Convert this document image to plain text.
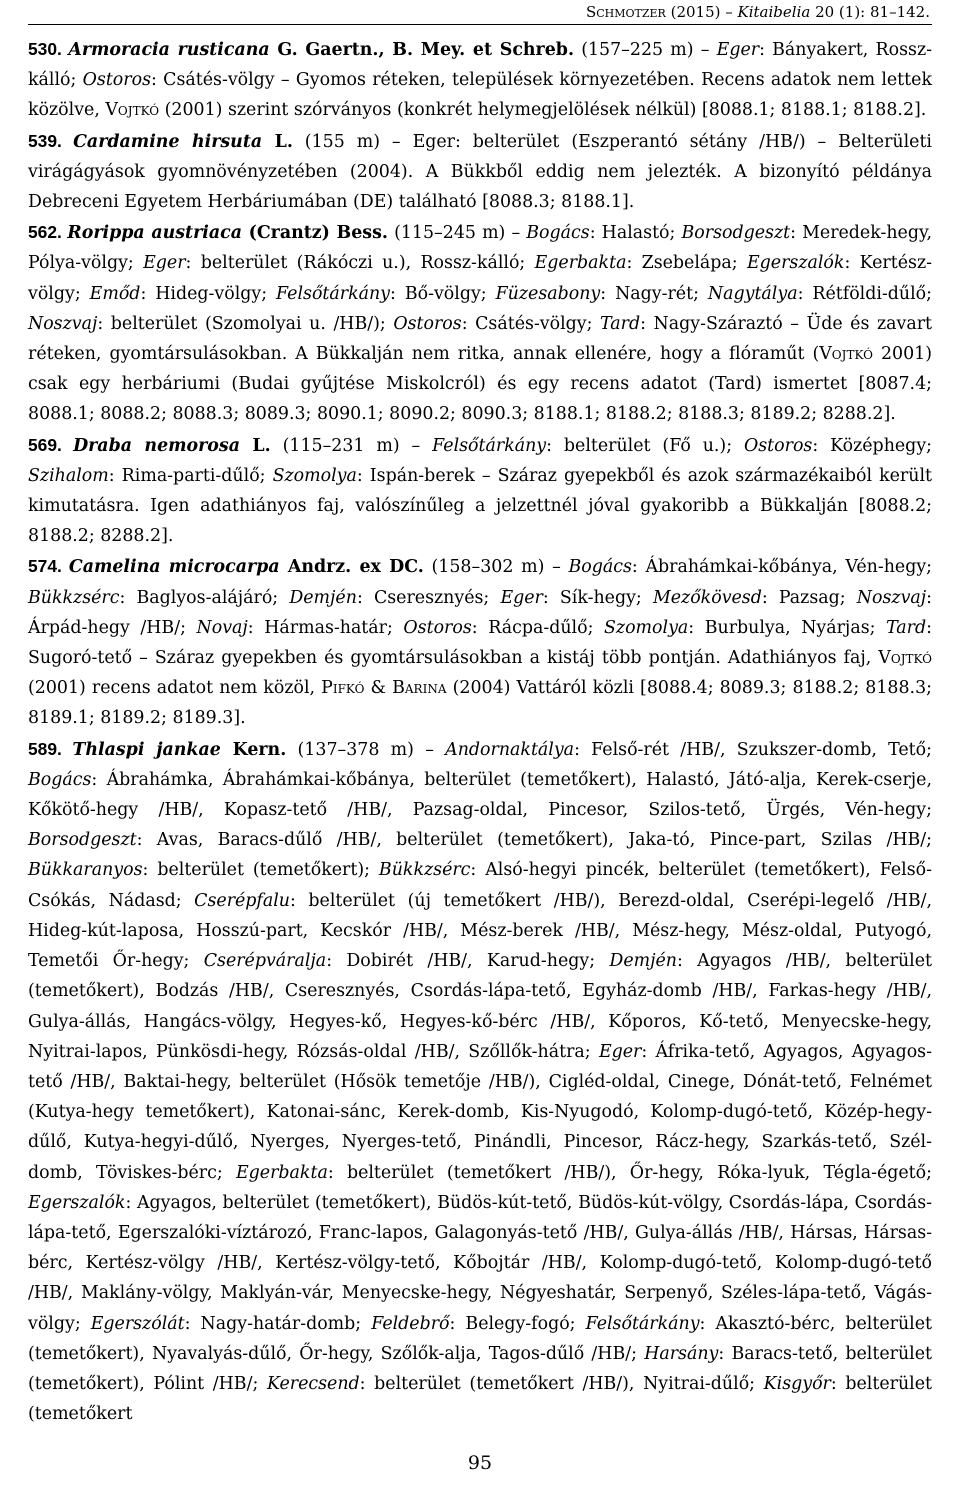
Schmotzer (2015) – Kitaibelia 20 (1): 81–142.

530. Armoracia rusticana G. Gaertn., B. Mey. et Schreb. (157–225 m) – Eger: Bányakert, Rossz-kálló; Ostoros: Csátés-völgy – Gyomos réteken, települések környezetében. Recens adatok nem lettek közölve, Vojtkó (2001) szerint szórványos (konkrét helymegjelölések nélkül) [8088.1; 8188.1; 8188.2].

539. Cardamine hirsuta L. (155 m) – Eger: belterület (Eszperantó sétány /HB/) – Belterületi virágágyások gyomnövényzetében (2004). A Bükkből eddig nem jelezték. A bizonyító példánya Debreceni Egyetem Herbáriumában (DE) található [8088.3; 8188.1].

562. Rorippa austriaca (Crantz) Bess. (115–245 m) – Bogács: Halastó; Borsodgeszt: Meredek-hegy, Pólya-völgy; Eger: belterület (Rákóczi u.), Rossz-kálló; Egerbakta: Zsebelápa; Egerszalók: Kertész-völgy; Emőd: Hideg-völgy; Felsőtárkány: Bő-völgy; Füzesabony: Nagy-rét; Nagytálya: Rétföldi-dűlő; Noszvaj: belterület (Szomolyai u. /HB/); Ostoros: Csátés-völgy; Tard: Nagy-Száraztó – Üde és zavart réteken, gyomtársulásokban. A Bükkalján nem ritka, annak ellenére, hogy a flóraműt (Vojtkó 2001) csak egy herbáriumi (Budai gyűjtése Miskolcról) és egy recens adatot (Tard) ismertet [8087.4; 8088.1; 8088.2; 8088.3; 8089.3; 8090.1; 8090.2; 8090.3; 8188.1; 8188.2; 8188.3; 8189.2; 8288.2].

569. Draba nemorosa L. (115–231 m) – Felsőtárkány: belterület (Fő u.); Ostoros: Középhegy; Szihalom: Rima-parti-dűlő; Szomolya: Ispán-berek – Száraz gyepekből és azok származékaiból került kimutatásra. Igen adathiányos faj, valószínűleg a jelzettnél jóval gyakoribb a Bükkalján [8088.2; 8188.2; 8288.2].

574. Camelina microcarpa Andrz. ex DC. (158–302 m) – Bogács: Ábrahámkai-kőbánya, Vén-hegy; Bükkzsérc: Baglyos-alájáró; Demjén: Cseresznyés; Eger: Sík-hegy; Mezőkövesd: Pazsag; Noszvaj: Árpád-hegy /HB/; Novaj: Hármas-határ; Ostoros: Rácpa-dűlő; Szomolya: Burbulya, Nyárjas; Tard: Sugoró-tető – Száraz gyepekben és gyomtársulásokban a kistáj több pontján. Adathiányos faj, Vojtkó (2001) recens adatot nem közöl, Pifkó & Barina (2004) Vattáról közli [8088.4; 8089.3; 8188.2; 8188.3; 8189.1; 8189.2; 8189.3].

589. Thlaspi jankae Kern. (137–378 m) – Andornaktálya: Felső-rét /HB/, Szukszer-domb, Tető; Bogács: Ábrahámka, Ábrahámkai-kőbánya, belterület (temetőkert), Halastó, Játó-alja, Kerek-cserje, Kőkötő-hegy /HB/, Kopasz-tető /HB/, Pazsag-oldal, Pincesor, Szilos-tető, Ürgés, Vén-hegy; Borsodgeszt: Avas, Baracs-dűlő /HB/, belterület (temetőkert), Jaka-tó, Pince-part, Szilas /HB/; Bükkaranyos: belterület (temetőkert); Bükkzsérc: Alsó-hegyi pincék, belterület (temetőkert), Felső-Csókás, Nádasd; Cserépfalu: belterület (új temetőkert /HB/), Berezd-oldal, Cserépi-legelő /HB/, Hideg-kút-laposa, Hosszú-part, Kecskór /HB/, Mész-berek /HB/, Mész-hegy, Mész-oldal, Putyogó, Temetői Őr-hegy; Cserépváralja: Dobirét /HB/, Karud-hegy; Demjén: Agyagos /HB/, belterület (temetőkert), Bodzás /HB/, Cseresznyés, Csordás-lápa-tető, Egyház-domb /HB/, Farkas-hegy /HB/, Gulya-állás, Hangács-völgy, Hegyes-kő, Hegyes-kő-bérc /HB/, Kőporos, Kő-tető, Menyecske-hegy, Nyitrai-lapos, Pünkösdi-hegy, Rózsás-oldal /HB/, Szőllők-hátra; Eger: Áfrika-tető, Agyagos, Agyagos-tető /HB/, Baktai-hegy, belterület (Hősök temetője /HB/), Cigléd-oldal, Cinege, Dónát-tető, Felnémet (Kutya-hegy temetőkert), Katonai-sánc, Kerek-domb, Kis-Nyugodó, Kolomp-dugó-tető, Közép-hegy-dűlő, Kutya-hegyi-dűlő, Nyerges, Nyerges-tető, Pinándli, Pincesor, Rácz-hegy, Szarkás-tető, Szél-domb, Töviskes-bérc; Egerbakta: belterület (temetőkert /HB/), Őr-hegy, Róka-lyuk, Tégla-égető; Egerszalók: Agyagos, belterület (temetőkert), Büdös-kút-tető, Büdös-kút-völgy, Csordás-lápa, Csordás-lápa-tető, Egerszalóki-víztározó, Franc-lapos, Galagonyás-tető /HB/, Gulya-állás /HB/, Hársas, Hársas-bérc, Kertész-völgy /HB/, Kertész-völgy-tető, Kőbojtár /HB/, Kolomp-dugó-tető, Kolomp-dugó-tető /HB/, Maklány-völgy, Maklyán-vár, Menyecske-hegy, Négyeshatár, Serpenyő, Széles-lápa-tető, Vágás-völgy; Egerszólát: Nagy-határ-domb; Feldebrő: Belegy-fogó; Felsőtárkány: Akasztó-bérc, belterület (temetőkert), Nyavalyás-dűlő, Őr-hegy, Szőlők-alja, Tagos-dűlő /HB/; Harsány: Baracs-tető, belterület (temetőkert), Pólint /HB/; Kerecsend: belterület (temetőkert /HB/), Nyitrai-dűlő; Kisgyőr: belterület (temetőkert

95
